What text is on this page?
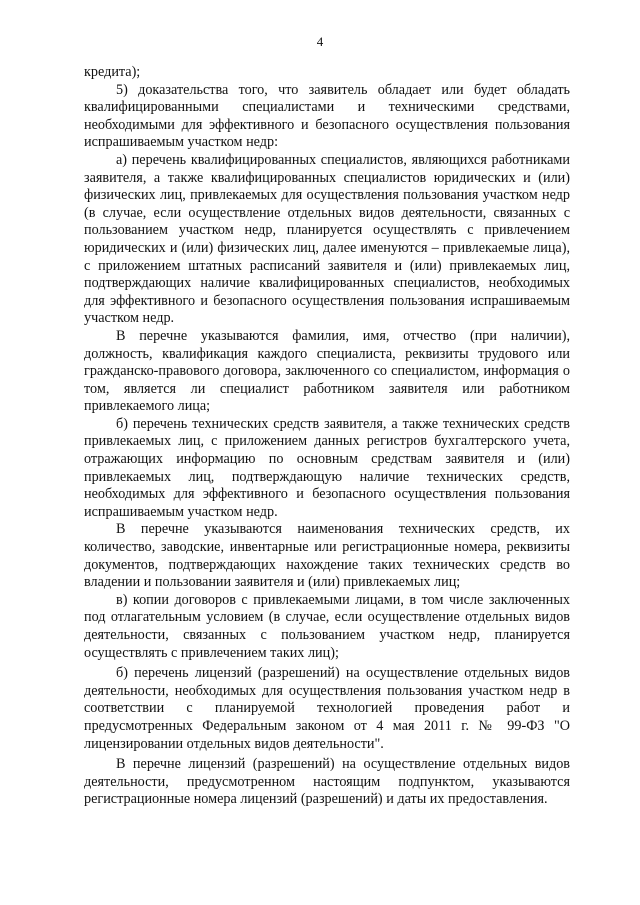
4

кредита);

5) доказательства того, что заявитель обладает или будет обладать квалифицированными специалистами и техническими средствами, необходимыми для эффективного и безопасного осуществления пользования испрашиваемым участком недр:

а) перечень квалифицированных специалистов, являющихся работниками заявителя, а также квалифицированных специалистов юридических и (или) физических лиц, привлекаемых для осуществления пользования участком недр (в случае, если осуществление отдельных видов деятельности, связанных с пользованием участком недр, планируется осуществлять с привлечением юридических и (или) физических лиц, далее именуются – привлекаемые лица), с приложением штатных расписаний заявителя и (или) привлекаемых лиц, подтверждающих наличие квалифицированных специалистов, необходимых для эффективного и безопасного осуществления пользования испрашиваемым участком недр.

В перечне указываются фамилия, имя, отчество (при наличии), должность, квалификация каждого специалиста, реквизиты трудового или гражданско-правового договора, заключенного со специалистом, информация о том, является ли специалист работником заявителя или работником привлекаемого лица;

б) перечень технических средств заявителя, а также технических средств привлекаемых лиц, с приложением данных регистров бухгалтерского учета, отражающих информацию по основным средствам заявителя и (или) привлекаемых лиц, подтверждающую наличие технических средств, необходимых для эффективного и безопасного осуществления пользования испрашиваемым участком недр.

В перечне указываются наименования технических средств, их количество, заводские, инвентарные или регистрационные номера, реквизиты документов, подтверждающих нахождение таких технических средств во владении и пользовании заявителя и (или) привлекаемых лиц;

в) копии договоров с привлекаемыми лицами, в том числе заключенных под отлагательным условием (в случае, если осуществление отдельных видов деятельности, связанных с пользованием участком недр, планируется осуществлять с привлечением таких лиц);

б) перечень лицензий (разрешений) на осуществление отдельных видов деятельности, необходимых для осуществления пользования участком недр в соответствии с планируемой технологией проведения работ и предусмотренных Федеральным законом от 4 мая 2011 г. № 99-ФЗ "О лицензировании отдельных видов деятельности".

В перечне лицензий (разрешений) на осуществление отдельных видов деятельности, предусмотренном настоящим подпунктом, указываются регистрационные номера лицензий (разрешений) и даты их предоставления.
